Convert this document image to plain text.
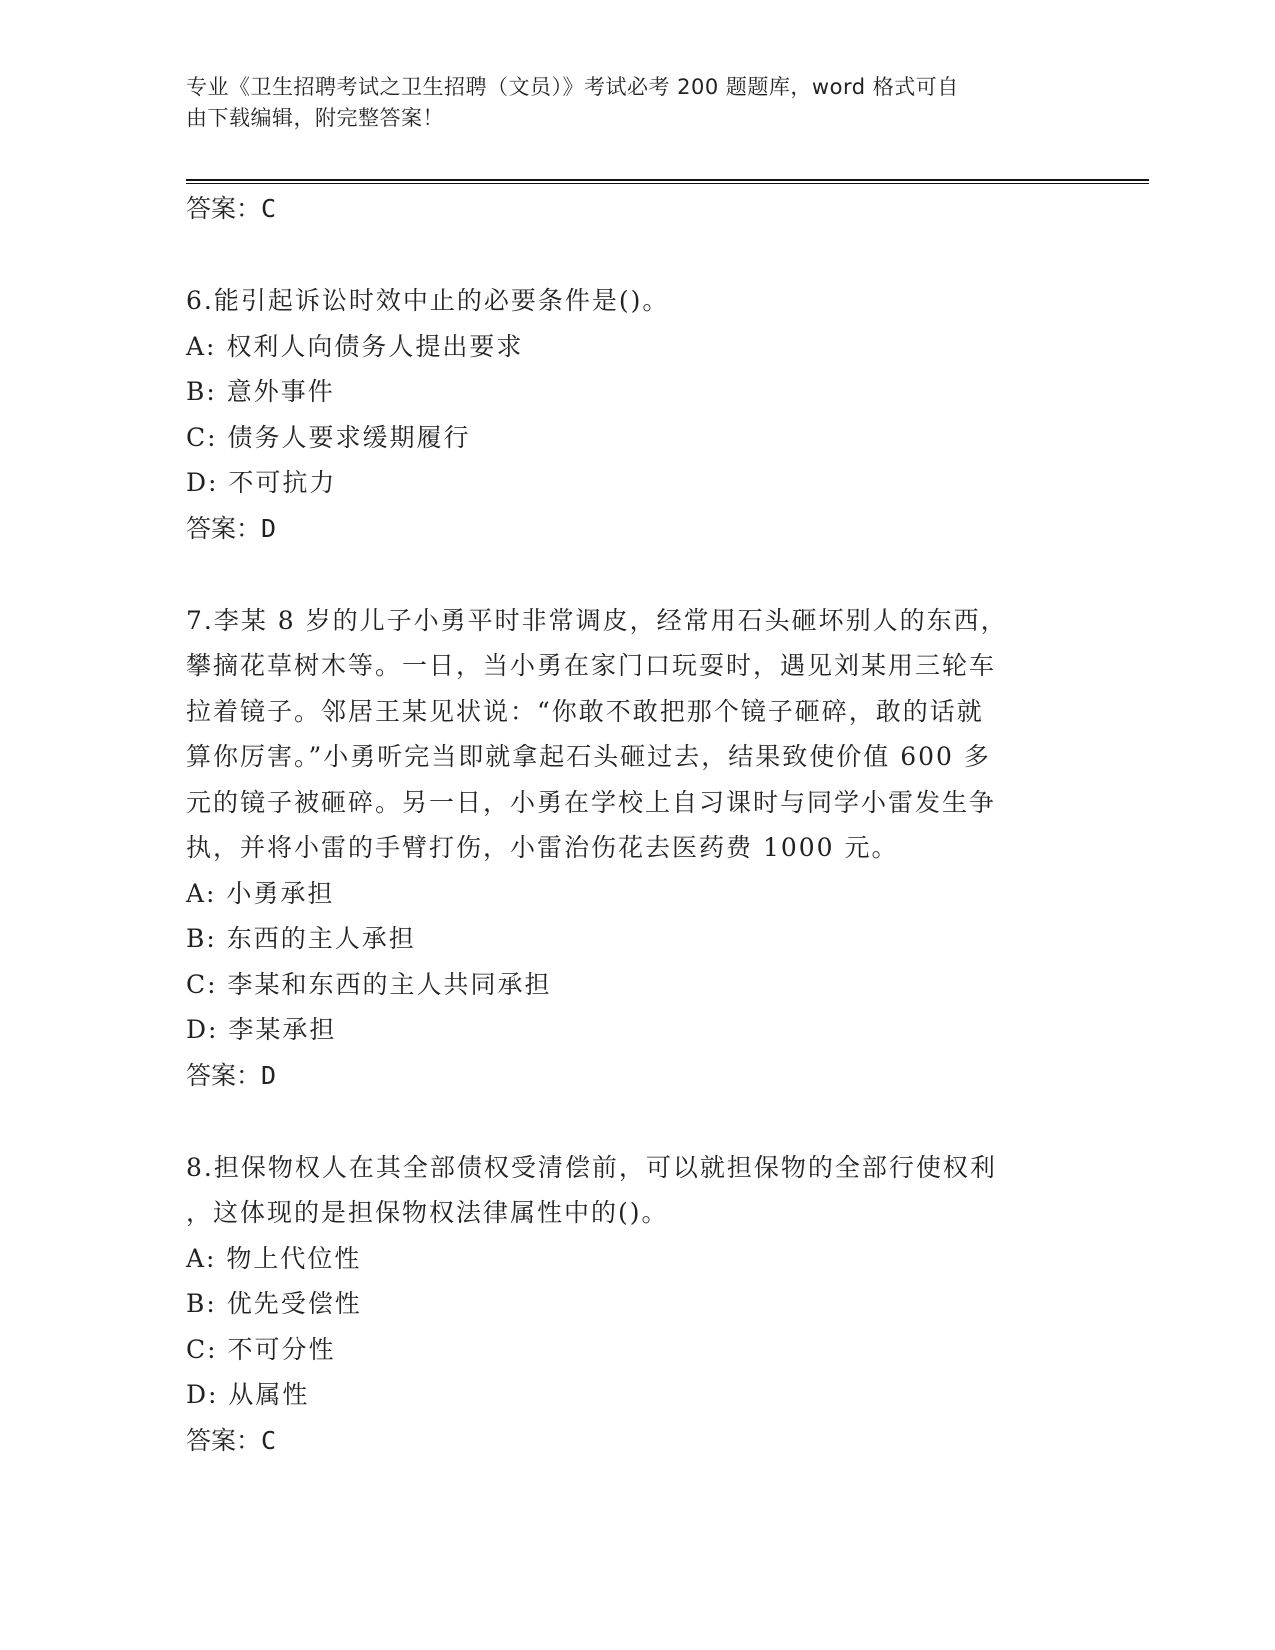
专业《卫生招聘考试之卫生招聘（文员）》考试必考 200 题题库，word 格式可自
由下载编辑，附完整答案！
答案：C
6.能引起诉讼时效中止的必要条件是()。
A: 权利人向债务人提出要求
B: 意外事件
C: 债务人要求缓期履行
D: 不可抗力
答案：D
7.李某 8 岁的儿子小勇平时非常调皮，经常用石头砸坏别人的东西，
攀摘花草树木等。一日，当小勇在家门口玩耍时，遇见刘某用三轮车
拉着镜子。邻居王某见状说：“你敢不敢把那个镜子砸碎，敢的话就
算你厉害。”小勇听完当即就拿起石头砸过去，结果致使价值 600 多
元的镜子被砸碎。另一日，小勇在学校上自习课时与同学小雷发生争
执，并将小雷的手臂打伤，小雷治伤花去医药费 1000 元。
A: 小勇承担
B: 东西的主人承担
C: 李某和东西的主人共同承担
D: 李某承担
答案：D
8.担保物权人在其全部债权受清偿前，可以就担保物的全部行使权利
，这体现的是担保物权法律属性中的()。
A: 物上代位性
B: 优先受偿性
C: 不可分性
D: 从属性
答案：C
